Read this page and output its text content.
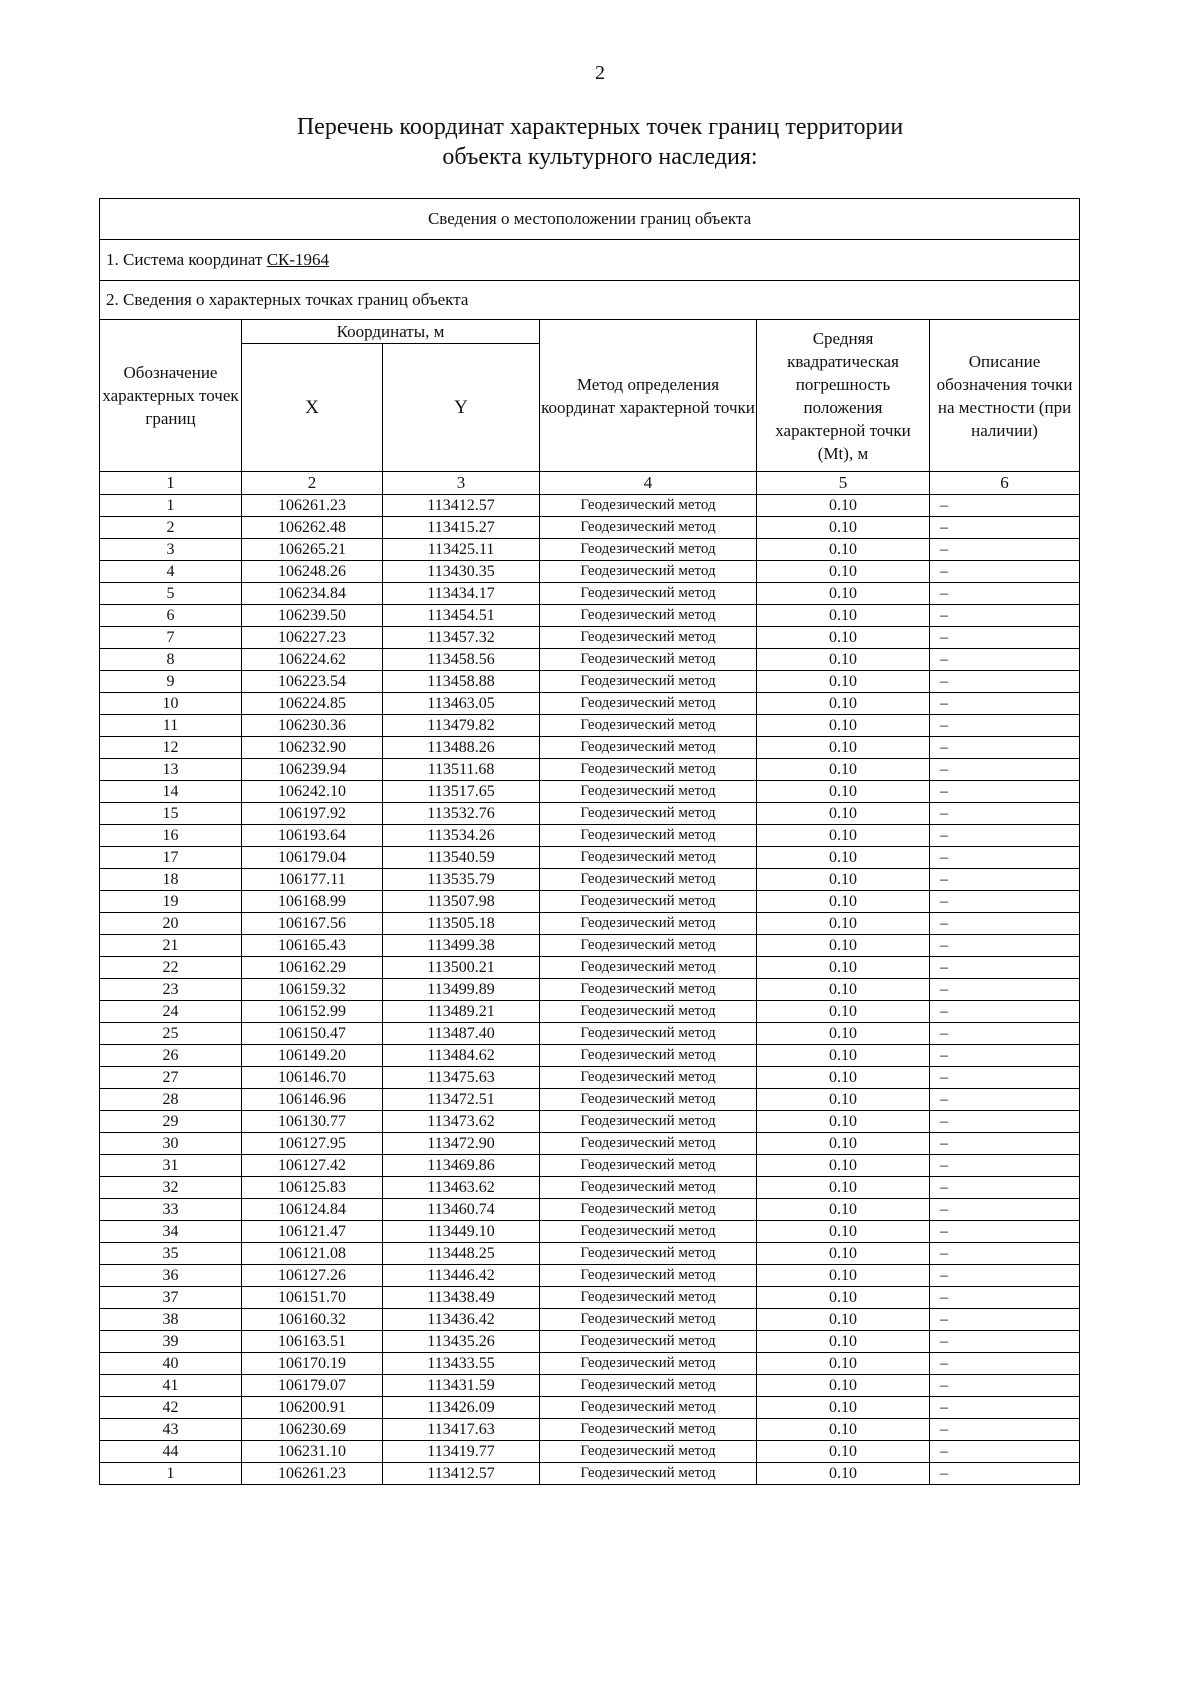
2
Перечень координат характерных точек границ территории
объекта культурного наследия:
Сведения о местоположении границ объекта					
1. Система координат СК-1964					
2. Сведения о характерных точках границ объекта					
Обозначение характерных точек границ	Координаты, м		Метод определения координат характерной точки	Средняя квадратическая погрешность положения характерной точки (Mt), м	Описание обозначения точки на местности (при наличии)
	X	Y			
1	2	3	4	5	6
1	106261.23	113412.57	Геодезический метод	0.10	–
2	106262.48	113415.27	Геодезический метод	0.10	–
3	106265.21	113425.11	Геодезический метод	0.10	–
4	106248.26	113430.35	Геодезический метод	0.10	–
5	106234.84	113434.17	Геодезический метод	0.10	–
6	106239.50	113454.51	Геодезический метод	0.10	–
7	106227.23	113457.32	Геодезический метод	0.10	–
8	106224.62	113458.56	Геодезический метод	0.10	–
9	106223.54	113458.88	Геодезический метод	0.10	–
10	106224.85	113463.05	Геодезический метод	0.10	–
11	106230.36	113479.82	Геодезический метод	0.10	–
12	106232.90	113488.26	Геодезический метод	0.10	–
13	106239.94	113511.68	Геодезический метод	0.10	–
14	106242.10	113517.65	Геодезический метод	0.10	–
15	106197.92	113532.76	Геодезический метод	0.10	–
16	106193.64	113534.26	Геодезический метод	0.10	–
17	106179.04	113540.59	Геодезический метод	0.10	–
18	106177.11	113535.79	Геодезический метод	0.10	–
19	106168.99	113507.98	Геодезический метод	0.10	–
20	106167.56	113505.18	Геодезический метод	0.10	–
21	106165.43	113499.38	Геодезический метод	0.10	–
22	106162.29	113500.21	Геодезический метод	0.10	–
23	106159.32	113499.89	Геодезический метод	0.10	–
24	106152.99	113489.21	Геодезический метод	0.10	–
25	106150.47	113487.40	Геодезический метод	0.10	–
26	106149.20	113484.62	Геодезический метод	0.10	–
27	106146.70	113475.63	Геодезический метод	0.10	–
28	106146.96	113472.51	Геодезический метод	0.10	–
29	106130.77	113473.62	Геодезический метод	0.10	–
30	106127.95	113472.90	Геодезический метод	0.10	–
31	106127.42	113469.86	Геодезический метод	0.10	–
32	106125.83	113463.62	Геодезический метод	0.10	–
33	106124.84	113460.74	Геодезический метод	0.10	–
34	106121.47	113449.10	Геодезический метод	0.10	–
35	106121.08	113448.25	Геодезический метод	0.10	–
36	106127.26	113446.42	Геодезический метод	0.10	–
37	106151.70	113438.49	Геодезический метод	0.10	–
38	106160.32	113436.42	Геодезический метод	0.10	–
39	106163.51	113435.26	Геодезический метод	0.10	–
40	106170.19	113433.55	Геодезический метод	0.10	–
41	106179.07	113431.59	Геодезический метод	0.10	–
42	106200.91	113426.09	Геодезический метод	0.10	–
43	106230.69	113417.63	Геодезический метод	0.10	–
44	106231.10	113419.77	Геодезический метод	0.10	–
1	106261.23	113412.57	Геодезический метод	0.10	–
